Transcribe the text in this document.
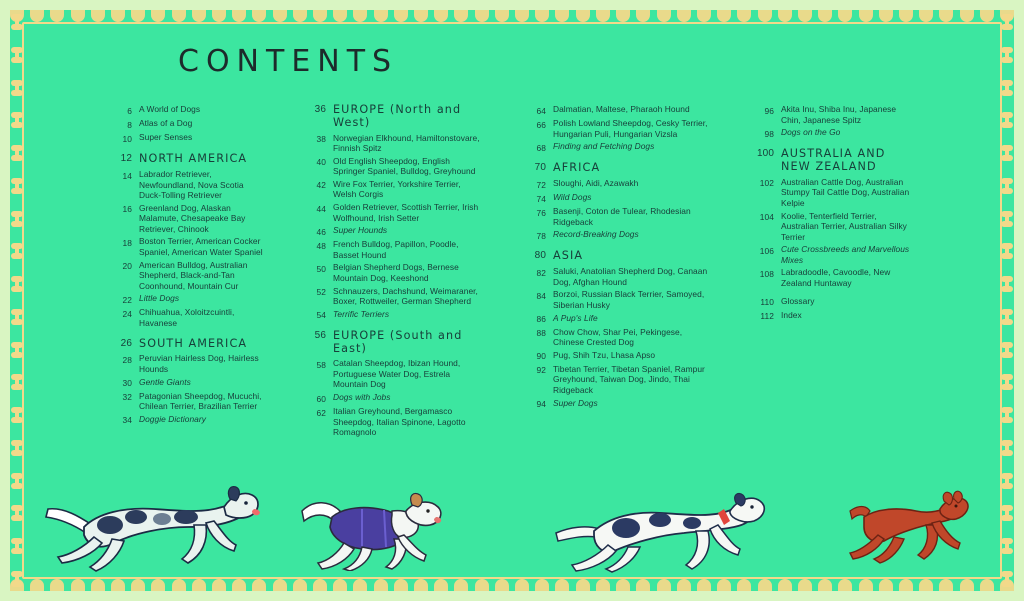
CONTENTS
6 A World of Dogs
8 Atlas of a Dog
10 Super Senses
12 NORTH AMERICA
14 Labrador Retriever, Newfoundland, Nova Scotia Duck-Tolling Retriever
16 Greenland Dog, Alaskan Malamute, Chesapeake Bay Retriever, Chinook
18 Boston Terrier, American Cocker Spaniel, American Water Spaniel
20 American Bulldog, Australian Shepherd, Black-and-Tan Coonhound, Mountain Cur
22 Little Dogs
24 Chihuahua, Xoloitzcuintli, Havanese
26 SOUTH AMERICA
28 Peruvian Hairless Dog, Hairless Hounds
30 Gentle Giants
32 Patagonian Sheepdog, Mucuchi, Chilean Terrier, Brazilian Terrier
34 Doggie Dictionary
36 EUROPE (North and West)
38 Norwegian Elkhound, Hamiltonstovare, Finnish Spitz
40 Old English Sheepdog, English Springer Spaniel, Bulldog, Greyhound
42 Wire Fox Terrier, Yorkshire Terrier, Welsh Corgis
44 Golden Retriever, Scottish Terrier, Irish Wolfhound, Irish Setter
46 Super Hounds
48 French Bulldog, Papillon, Poodle, Basset Hound
50 Belgian Shepherd Dogs, Bernese Mountain Dog, Keeshond
52 Schnauzers, Dachshund, Weimaraner, Boxer, Rottweiler, German Shepherd
54 Terrific Terriers
56 EUROPE (South and East)
58 Catalan Sheepdog, Ibizan Hound, Portuguese Water Dog, Estrela Mountain Dog
60 Dogs with Jobs
62 Italian Greyhound, Bergamasco Sheepdog, Italian Spinone, Lagotto Romagnolo
64 Dalmatian, Maltese, Pharaoh Hound
66 Polish Lowland Sheepdog, Cesky Terrier, Hungarian Puli, Hungarian Vizsla
68 Finding and Fetching Dogs
70 AFRICA
72 Sloughi, Aidi, Azawakh
74 Wild Dogs
76 Basenji, Coton de Tulear, Rhodesian Ridgeback
78 Record-Breaking Dogs
80 ASIA
82 Saluki, Anatolian Shepherd Dog, Canaan Dog, Afghan Hound
84 Borzoi, Russian Black Terrier, Samoyed, Siberian Husky
86 A Pup's Life
88 Chow Chow, Shar Pei, Pekingese, Chinese Crested Dog
90 Pug, Shih Tzu, Lhasa Apso
92 Tibetan Terrier, Tibetan Spaniel, Rampur Greyhound, Taiwan Dog, Jindo, Thai Ridgeback
94 Super Dogs
96 Akita Inu, Shiba Inu, Japanese Chin, Japanese Spitz
98 Dogs on the Go
100 AUSTRALIA AND NEW ZEALAND
102 Australian Cattle Dog, Australian Stumpy Tail Cattle Dog, Australian Kelpie
104 Koolie, Tenterfield Terrier, Australian Terrier, Australian Silky Terrier
106 Cute Crossbreeds and Marvellous Mixes
108 Labradoodle, Cavoodle, New Zealand Huntaway
110 Glossary
112 Index
